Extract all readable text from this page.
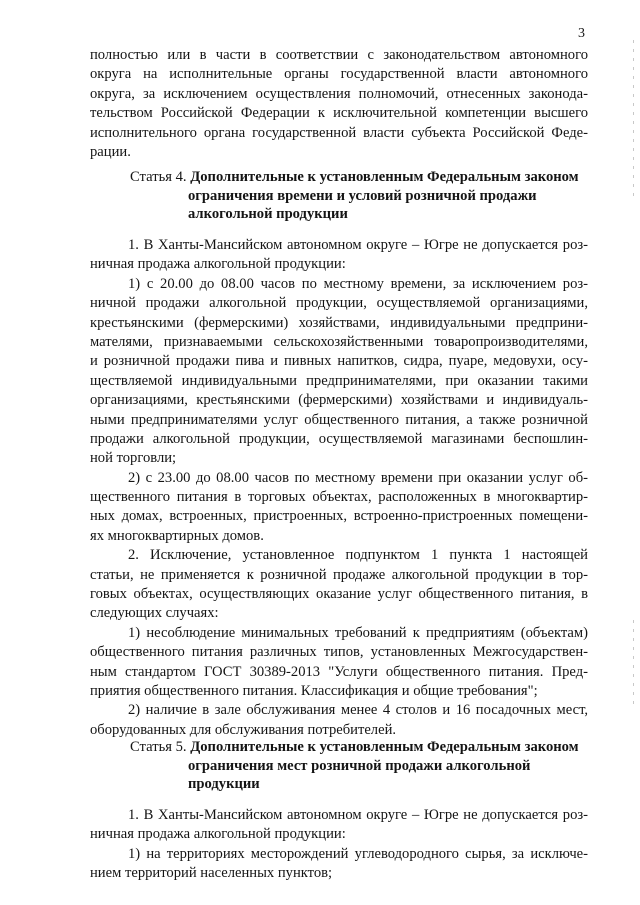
3
полностью или в части в соответствии с законодательством автономного
округа на исполнительные органы государственной власти автономного
округа, за исключением осуществления полномочий, отнесенных законода-
тельством Российской Федерации к исключительной компетенции высшего
исполнительного органа государственной власти субъекта Российской Феде-
рации.
Статья 4. Дополнительные к установленным Федеральным законом
ограничения времени и условий розничной продажи
алкогольной продукции
1. В Ханты-Мансийском автономном округе – Югре не допускается роз-
ничная продажа алкогольной продукции:
1) с 20.00 до 08.00 часов по местному времени, за исключением роз-
ничной продажи алкогольной продукции, осуществляемой организациями,
крестьянскими (фермерскими) хозяйствами, индивидуальными предприни-
мателями, признаваемыми сельскохозяйственными товаропроизводителями,
и розничной продажи пива и пивных напитков, сидра, пуаре, медовухи, осу-
ществляемой индивидуальными предпринимателями, при оказании такими
организациями, крестьянскими (фермерскими) хозяйствами и индивидуаль-
ными предпринимателями услуг общественного питания, а также розничной
продажи алкогольной продукции, осуществляемой магазинами беспошлин-
ной торговли;
2) с 23.00 до 08.00 часов по местному времени при оказании услуг об-
щественного питания в торговых объектах, расположенных в многоквартир-
ных домах, встроенных, пристроенных, встроенно-пристроенных помещени-
ях многоквартирных домов.
2. Исключение, установленное подпунктом 1 пункта 1 настоящей
статьи, не применяется к розничной продаже алкогольной продукции в тор-
говых объектах, осуществляющих оказание услуг общественного питания, в
следующих случаях:
1) несоблюдение минимальных требований к предприятиям (объектам)
общественного питания различных типов, установленных Межгосударствен-
ным стандартом ГОСТ 30389-2013 "Услуги общественного питания. Пред-
приятия общественного питания. Классификация и общие требования";
2) наличие в зале обслуживания менее 4 столов и 16 посадочных мест,
оборудованных для обслуживания потребителей.
Статья 5. Дополнительные к установленным Федеральным законом
ограничения мест розничной продажи алкогольной
продукции
1. В Ханты-Мансийском автономном округе – Югре не допускается роз-
ничная продажа алкогольной продукции:
1) на территориях месторождений углеводородного сырья, за исключе-
нием территорий населенных пунктов;
